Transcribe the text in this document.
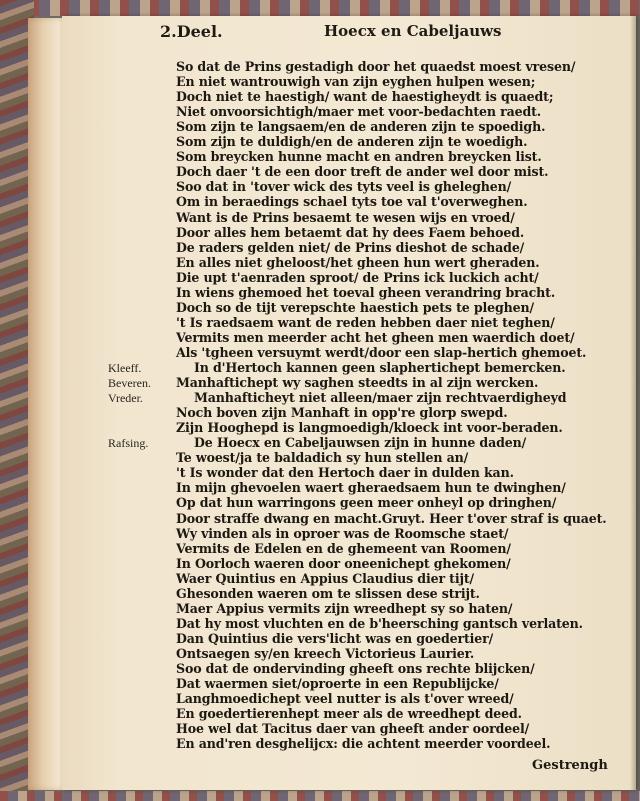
2.Deel.	Hoecx en Cabeljauws
Kleeff.
Beveren.
Vreder.
Rafsing.
So dat de Prins gestadigh door het quaedst moest vresen/
En niet wantrouwigh van zijn eyghen hulpen wesen;
Doch niet te haestigh/ want de haestigheydt is quaedt;
Niet onvoorsichtigh/maer met voor-bedachten raedt.
Som zijn te langsaem/en de anderen zijn te spoedigh.
Som zijn te duldigh/en de anderen zijn te woedigh.
Som breycken hunne macht en andren breycken list.
Doch daer 't de een door treft de ander wel door mist.
Soo dat in 'tover wick des tyts veel is gheleghen/
Om in beraedings schael tyts toe val t'overweghen.
Want is de Prins besaemt te wesen wijs en vroed/
Door alles hem betaemt dat hy dees Faem behoed.
De raders gelden niet/ de Prins dieshot de schade/
En alles niet gheloost/het gheen hun wert gheraden.
Die upt t'aenraden sproot/ de Prins ick luckich acht/
In wiens ghemoed het toeval gheen verandring bracht.
Doch so de tijt verepschte haestich pets te pleghen/
't Is raedsaem want de reden hebben daer niet teghen/
Vermits men meerder acht het gheen men waerdich doet/
Als 'tgheen versuymt werdt/door een slap-hertich ghemoet.
In d'Hertoch kannen geen slaphertichept bemercken.
Manhaftichept wy saghen steedts in al zijn wercken.
Manhafticheyt niet alleen/maer zijn rechtvaerdigheyd
Noch boven zijn Manhaft in opp're glorp swepd.
Zijn Hooghepd is langmoedigh/kloeck int voor-beraden.
De Hoecx en Cabeljauwsen zijn in hunne daden/
Te woest/ja te baldadich sy hun stellen an/
't Is wonder dat den Hertoch daer in dulden kan.
In mijn ghevoelen waert gheraedsaem hun te dwinghen/
Op dat hun warringons geen meer onheyl op dringhen/
Door straffe dwang en macht.Gruyt. Heer t'over straf is quaet.
Wy vinden als in oproer was de Roomsche staet/
Vermits de Edelen en de ghemeent van Roomen/
In Oorloch waeren door oneenichept ghekomen/
Waer Quintius en Appius Claudius dier tijt/
Ghesonden waeren om te slissen dese strijt.
Maer Appius vermits zijn wreedhept sy so haten/
Dat hy most vluchten en de b'heersching gantsch verlaten.
Dan Quintius die vers'licht was en goedertier/
Ontsaegen sy/en kreech Victorieus Laurier.
Soo dat de ondervinding gheeft ons rechte blijcken/
Dat waermen siet/oproerte in een Republijcke/
Langhmoedichept veel nutter is als t'over wreed/
En goedertierenhept meer als de wreedhept deed.
Hoe wel dat Tacitus daer van gheeft ander oordeel/
En and'ren desghelijcx: die achtent meerder voordeel.
Gestrengh
